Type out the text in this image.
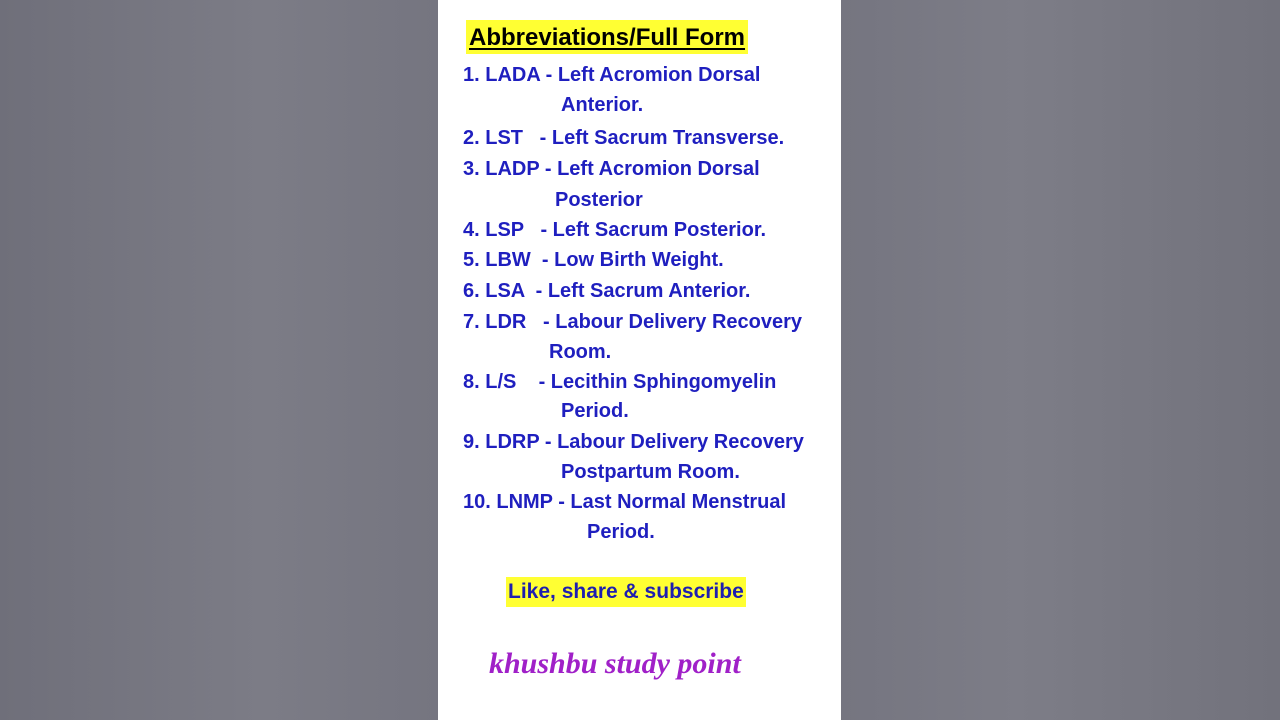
Abbreviations/Full Form
1. LADA - Left Acromion Dorsal
Anterior.
2. LST   - Left Sacrum Transverse.
3. LADP - Left Acromion Dorsal
Posterior
4. LSP   - Left Sacrum Posterior.
5. LBW  - Low Birth Weight.
6. LSA  - Left Sacrum Anterior.
7. LDR   - Labour Delivery Recovery
Room.
8. L/S    - Lecithin Sphingomyelin
Period.
9. LDRP - Labour Delivery Recovery
Postpartum Room.
10. LNMP - Last Normal Menstrual
Period.
Like, share & subscribe
khushbu study point
